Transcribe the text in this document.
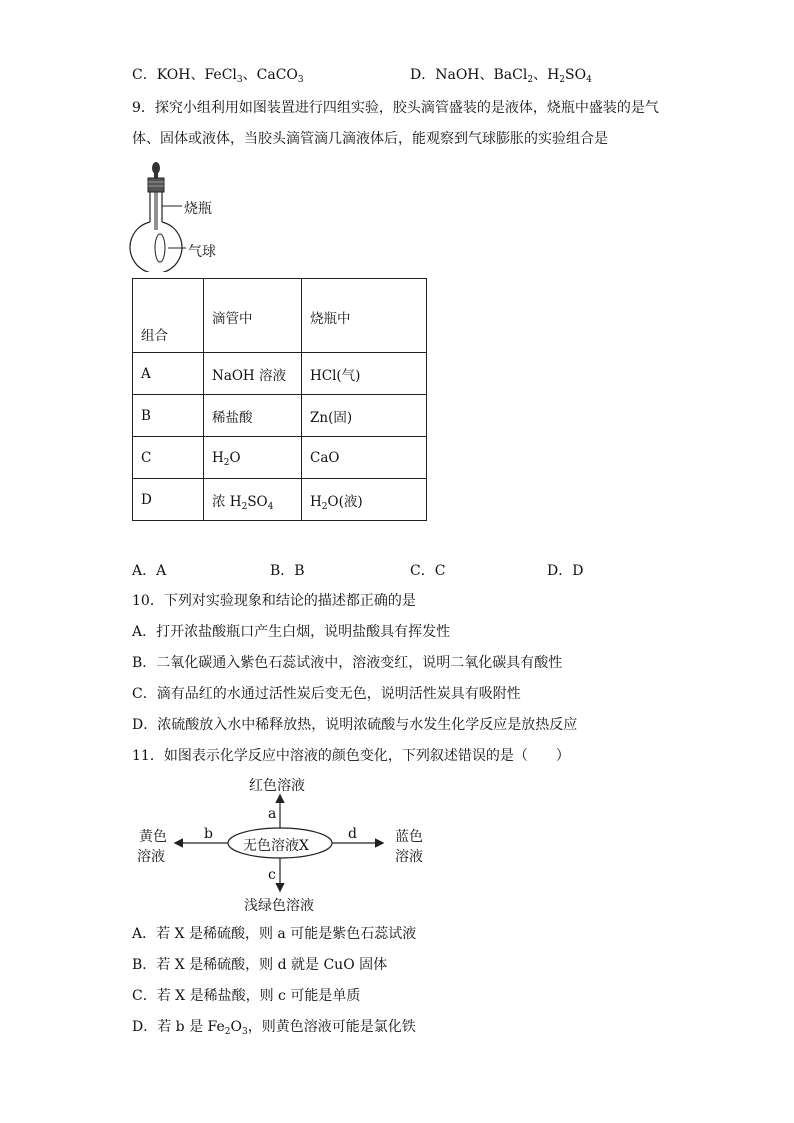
C．KOH、FeCl$_3$、CaCO$_3$	D．NaOH、BaCl$_2$、$H_2SO_4$
9．探究小组利用如图装置进行四组实验，胶头滴管盛装的是液体，烧瓶中盛装的是气
体、固体或液体，当胶头滴管滴几滴液体后，能观察到气球膨胀的实验组合是
烧瓶
气球
组合	滴管中	烧瓶中
A	NaOH 溶液	HCl(气)
B	稀盐酸	Zn(固)
C	$H_2O$	CaO
D	浓 $H_2SO_4$	$H_2O$(液)
A．A	B．B	C．C	D．D
10．下列对实验现象和结论的描述都正确的是
A．打开浓盐酸瓶口产生白烟，说明盐酸具有挥发性
B．二氧化碳通入紫色石蕊试液中，溶液变红，说明二氧化碳具有酸性
C．滴有品红的水通过活性炭后变无色，说明活性炭具有吸附性
D．浓硫酸放入水中稀释放热，说明浓硫酸与水发生化学反应是放热反应
11．如图表示化学反应中溶液的颜色变化，下列叙述错误的是（　　）
红色溶液
a
无色溶液X
b	d
黄色
溶液
蓝色
溶液
c
浅绿色溶液
A．若 X 是稀硫酸，则 a 可能是紫色石蕊试液
B．若 X 是稀硫酸，则 d 就是 CuO 固体
C．若 X 是稀盐酸，则 c 可能是单质
D．若 b 是 $Fe_2O_3$，则黄色溶液可能是氯化铁
